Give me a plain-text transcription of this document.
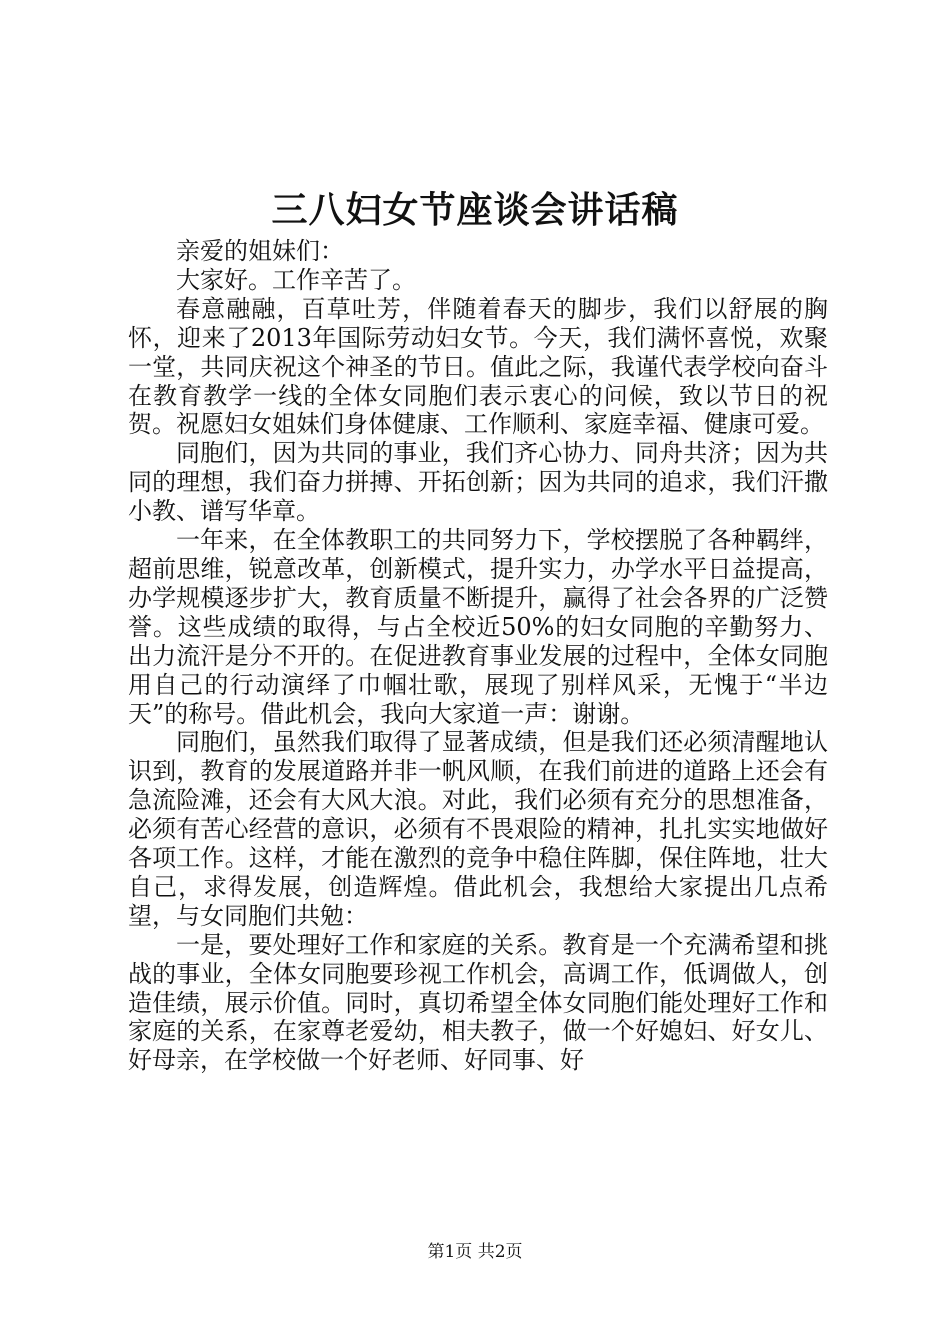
三八妇女节座谈会讲话稿

亲爱的姐妹们：

大家好。工作辛苦了。

春意融融，百草吐芳，伴随着春天的脚步，我们以舒展的胸怀，迎来了2013年国际劳动妇女节。今天，我们满怀喜悦，欢聚一堂，共同庆祝这个神圣的节日。值此之际，我谨代表学校向奋斗在教育教学一线的全体女同胞们表示衷心的问候，致以节日的祝贺。祝愿妇女姐妹们身体健康、工作顺利、家庭幸福、健康可爱。

同胞们，因为共同的事业，我们齐心协力、同舟共济；因为共同的理想，我们奋力拼搏、开拓创新；因为共同的追求，我们汗撒小教、谱写华章。

一年来，在全体教职工的共同努力下，学校摆脱了各种羁绊，超前思维，锐意改革，创新模式，提升实力，办学水平日益提高，办学规模逐步扩大，教育质量不断提升，赢得了社会各界的广泛赞誉。这些成绩的取得，与占全校近50%的妇女同胞的辛勤努力、出力流汗是分不开的。在促进教育事业发展的过程中，全体女同胞用自己的行动演绎了巾帼壮歌，展现了别样风采，无愧于“半边天”的称号。借此机会，我向大家道一声：谢谢。

同胞们，虽然我们取得了显著成绩，但是我们还必须清醒地认识到，教育的发展道路并非一帆风顺，在我们前进的道路上还会有急流险滩，还会有大风大浪。对此，我们必须有充分的思想准备，必须有苦心经营的意识，必须有不畏艰险的精神，扎扎实实地做好各项工作。这样，才能在激烈的竞争中稳住阵脚，保住阵地，壮大自己，求得发展，创造辉煌。借此机会，我想给大家提出几点希望，与女同胞们共勉：

一是，要处理好工作和家庭的关系。教育是一个充满希望和挑战的事业，全体女同胞要珍视工作机会，高调工作，低调做人，创造佳绩，展示价值。同时，真切希望全体女同胞们能处理好工作和家庭的关系，在家尊老爱幼，相夫教子，做一个好媳妇、好女儿、好母亲，在学校做一个好老师、好同事、好

第1页 共2页
